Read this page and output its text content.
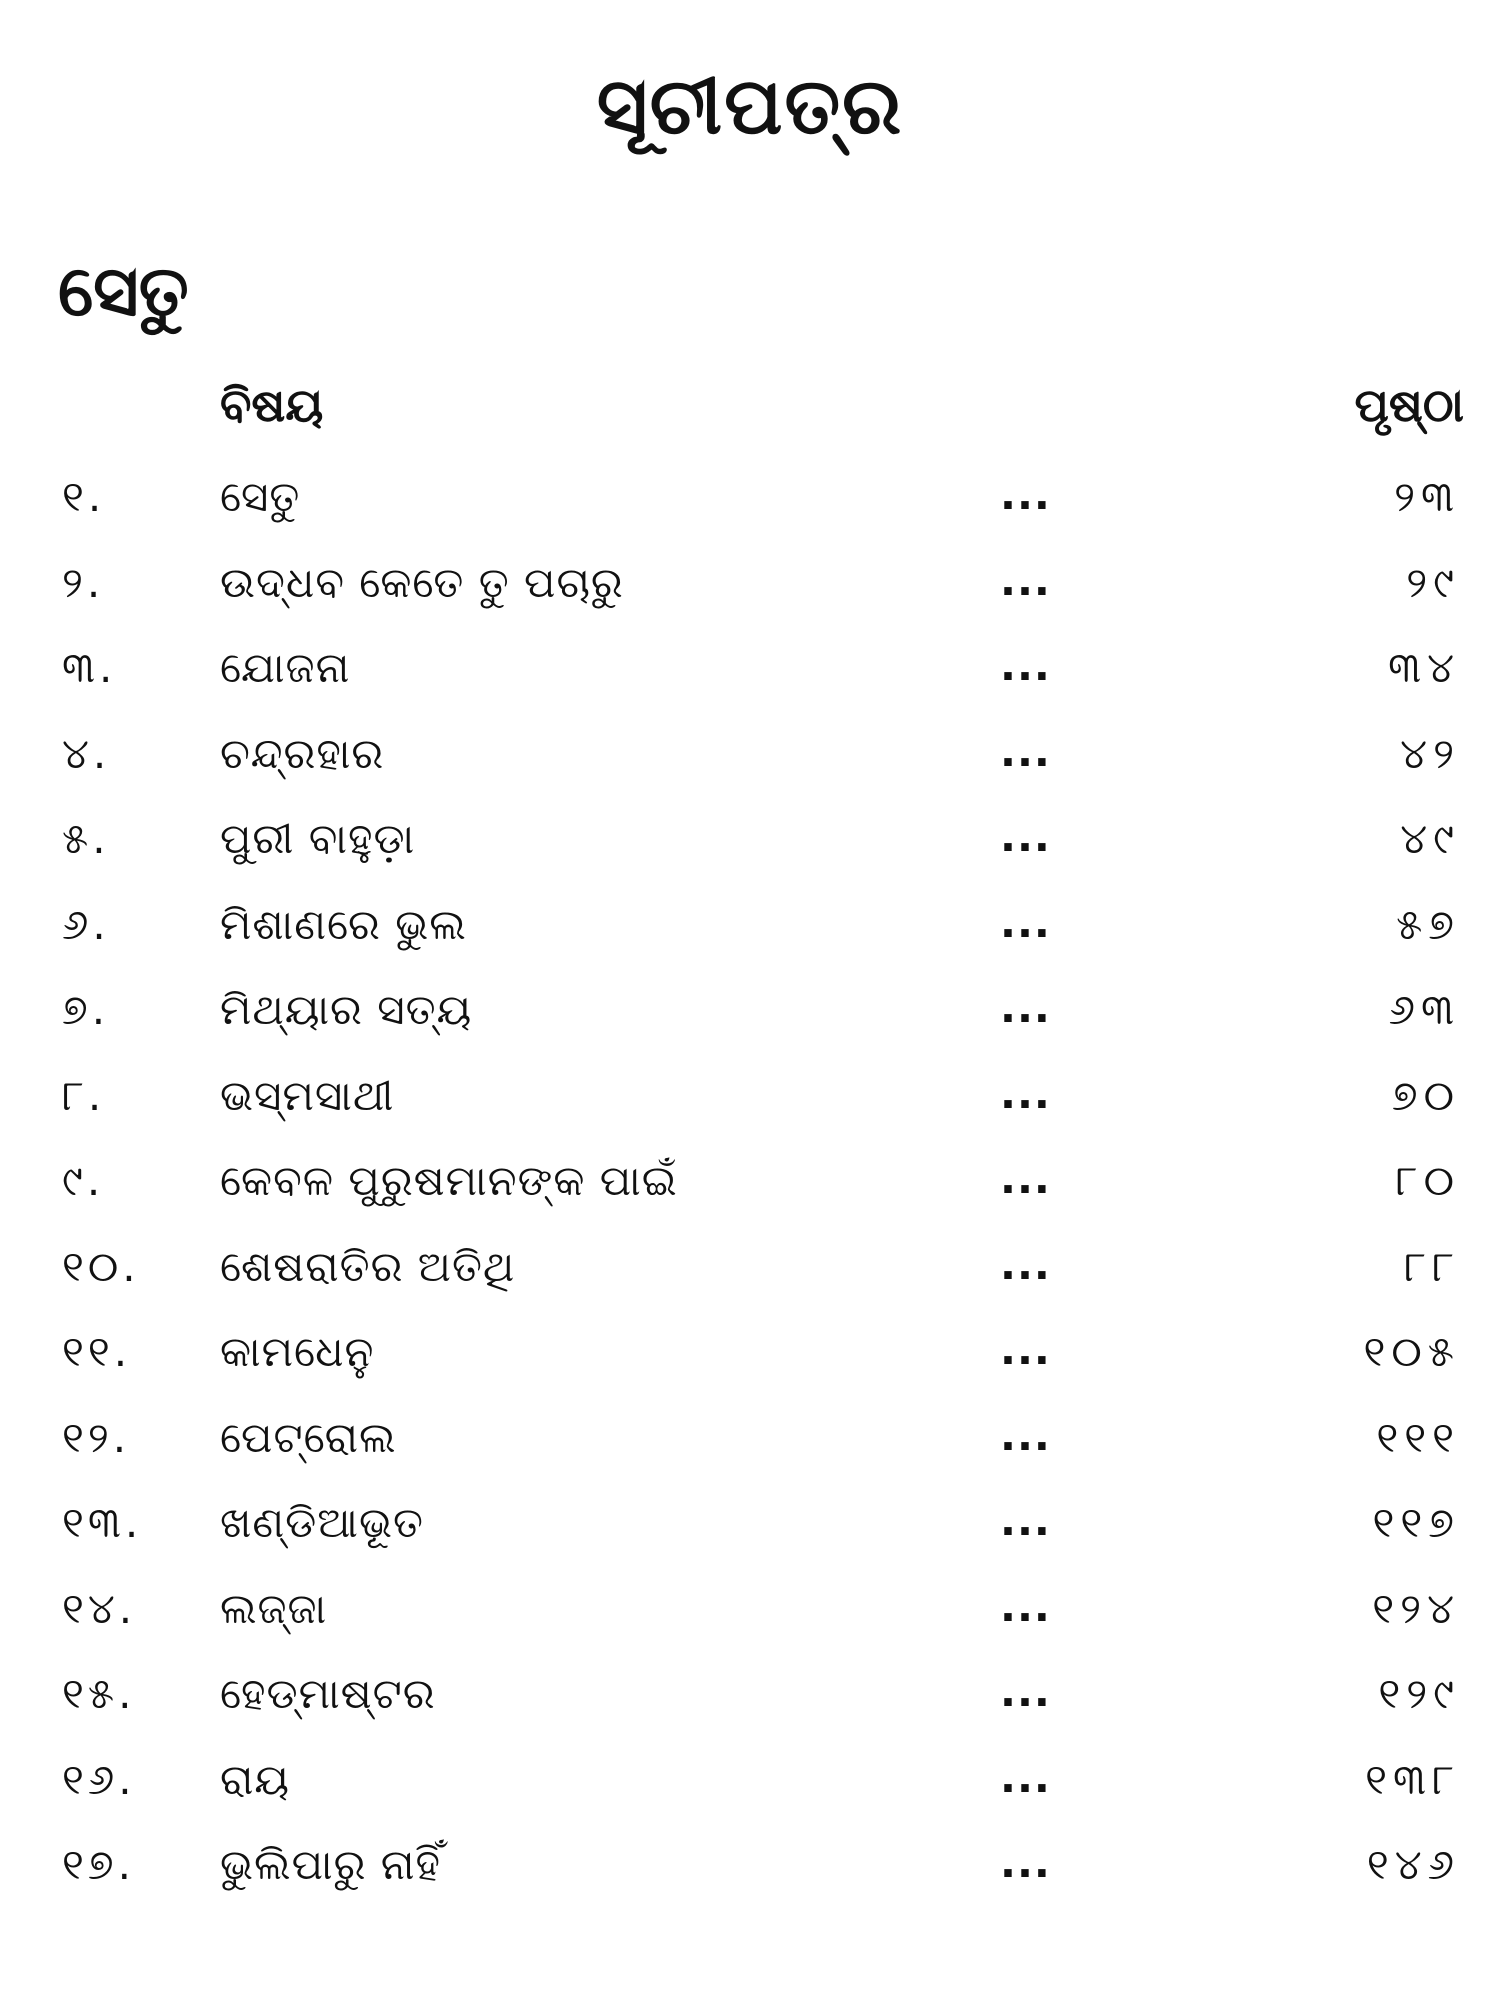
ସୂଚୀପତ୍ର
ସେତୁ
ବିଷୟ	ପୃଷ୍ଠା
୧.	ସେତୁ	...	୨୩
୨.	ଉଦ୍ଧବ କେତେ ତୁ ପଚାରୁ	...	୨୯
୩. ଯୋଜନା	...	୩୪
୪.	ଚନ୍ଦ୍ରହାର	...	୪୨
୫.	ପୁରୀ ବାହୁଡ଼ା	...	୪୯
୬.	ମିଶାଣରେ ଭୁଲ	...	୫୭
୭.	ମିଥ୍ୟାର ସତ୍ୟ	...	୬୩
୮.	ଭସ୍ମସାଥୀ	...	୭୦
୯.	କେବଳ ପୁରୁଷମାନଙ୍କ ପାଇଁ	...	୮୦
୧୦. ଶେଷରାତିର ଅତିଥି	...	୮୮
୧୧. କାମଧେନୁ	...	୧୦୫
୧୨. ପେଟ୍ରୋଲ	...	୧୧୧
୧୩. ଖଣ୍ଡିଆଭୂତ	...	୧୧୭
୧୪. ଲଜ୍ଜା	...	୧୨୪
୧୫. ହେଡ୍‌ମାଷ୍ଟର	...	୧୨୯
୧୬. ରାୟ	...	୧୩୮
୧୭. ଭୁଲିପାରୁ ନାହିଁ	...	୧୪୬
